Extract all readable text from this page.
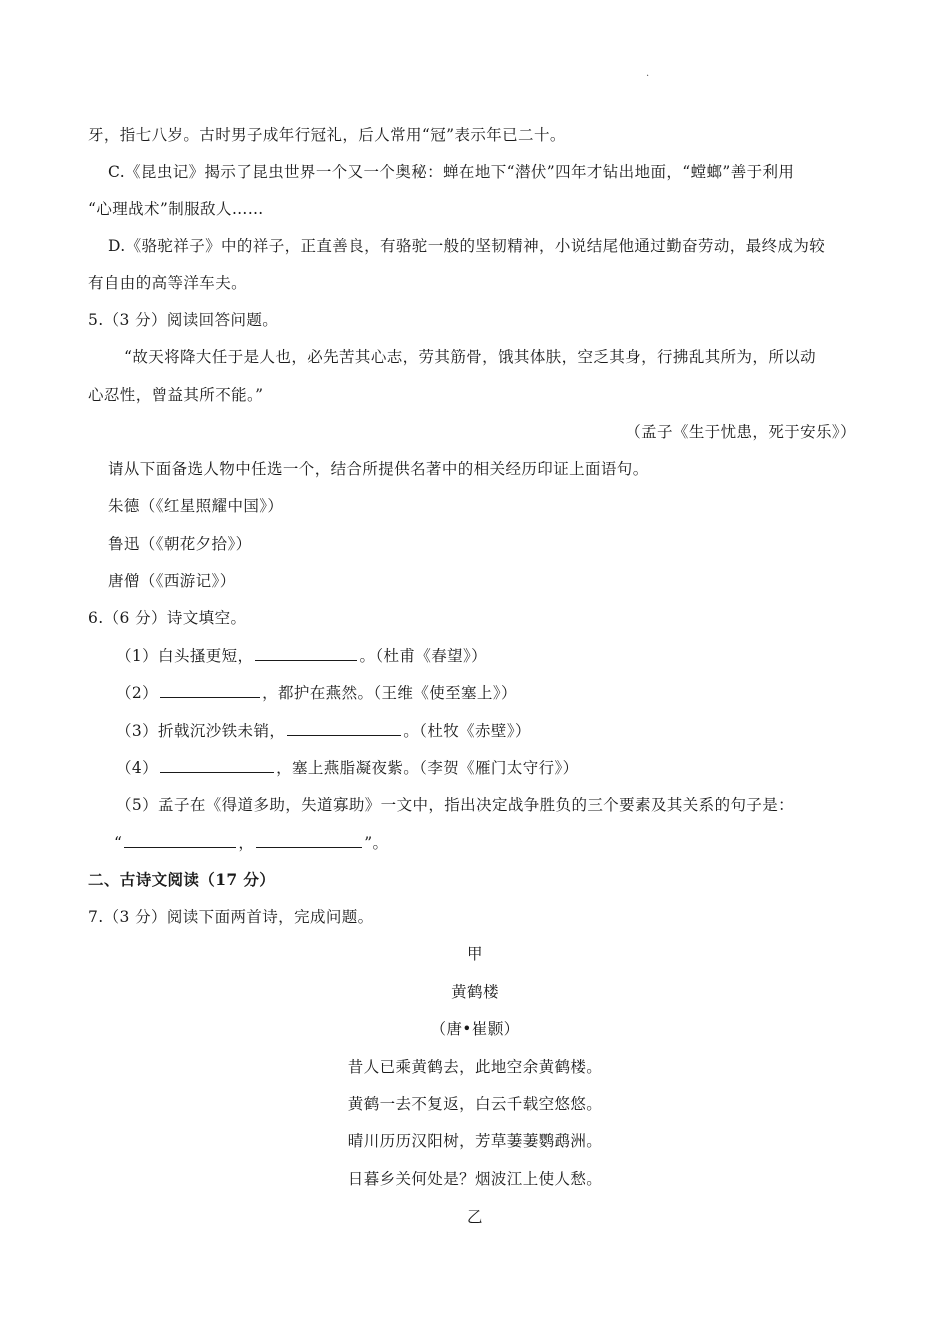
.
牙，指七八岁。古时男子成年行冠礼，后人常用“冠”表示年已二十。
C.《昆虫记》揭示了昆虫世界一个又一个奥秘：蝉在地下“潜伏”四年才钻出地面，“螳螂”善于利用
“心理战术”制服敌人……
D.《骆驼祥子》中的祥子，正直善良，有骆驼一般的坚韧精神，小说结尾他通过勤奋劳动，最终成为较
有自由的高等洋车夫。
5.（3 分）阅读回答问题。
“故天将降大任于是人也，必先苦其心志，劳其筋骨，饿其体肤，空乏其身，行拂乱其所为，所以动
心忍性，曾益其所不能。”
（孟子《生于忧患，死于安乐》）
请从下面备选人物中任选一个，结合所提供名著中的相关经历印证上面语句。
朱德（《红星照耀中国》）
鲁迅（《朝花夕拾》）
唐僧（《西游记》）
6.（6 分）诗文填空。
（1）白头搔更短，	。（杜甫《春望》）
（2）	，都护在燕然。（王维《使至塞上》）
（3）折戟沉沙铁未销，	。（杜牧《赤壁》）
（4）	，塞上燕脂凝夜紫。（李贺《雁门太守行》）
（5）孟子在《得道多助，失道寡助》一文中，指出决定战争胜负的三个要素及其关系的句子是：
“	，	”。
二、古诗文阅读（17 分）
7.（3 分）阅读下面两首诗，完成问题。
甲
黄鹤楼
（唐•崔颢）
昔人已乘黄鹤去，此地空余黄鹤楼。
黄鹤一去不复返，白云千载空悠悠。
晴川历历汉阳树，芳草萋萋鹦鹉洲。
日暮乡关何处是？烟波江上使人愁。
乙
